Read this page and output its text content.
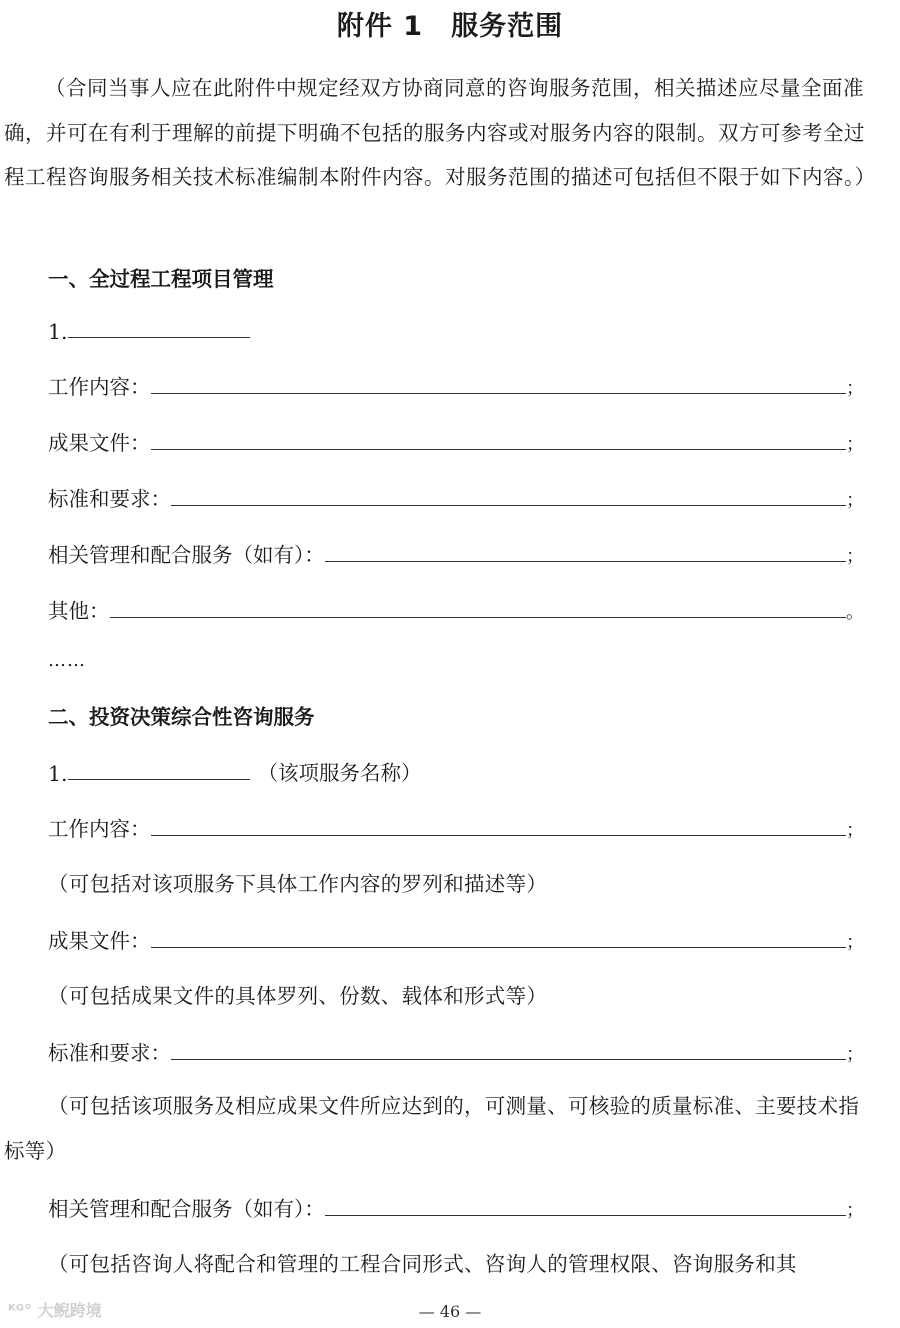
附件 1 服务范围
（合同当事人应在此附件中规定经双方协商同意的咨询服务范围，相关描述应尽量全面准确，并可在有利于理解的前提下明确不包括的服务内容或对服务内容的限制。双方可参考全过程工程咨询服务相关技术标准编制本附件内容。对服务范围的描述可包括但不限于如下内容。）
一、全过程工程项目管理
1.
工作内容：	；
成果文件：	；
标准和要求：	；
相关管理和配合服务（如有）：	；
其他：	。
……
二、投资决策综合性咨询服务
1.	（该项服务名称）
工作内容：	；
（可包括对该项服务下具体工作内容的罗列和描述等）
成果文件：	；
（可包括成果文件的具体罗列、份数、载体和形式等）
标准和要求：	；
（可包括该项服务及相应成果文件所应达到的，可测量、可核验的质量标准、主要技术指标等）
相关管理和配合服务（如有）：	；
（可包括咨询人将配合和管理的工程合同形式、咨询人的管理权限、咨询服务和其
ᴷᴳ° 大鲵跨境	— 46 —
